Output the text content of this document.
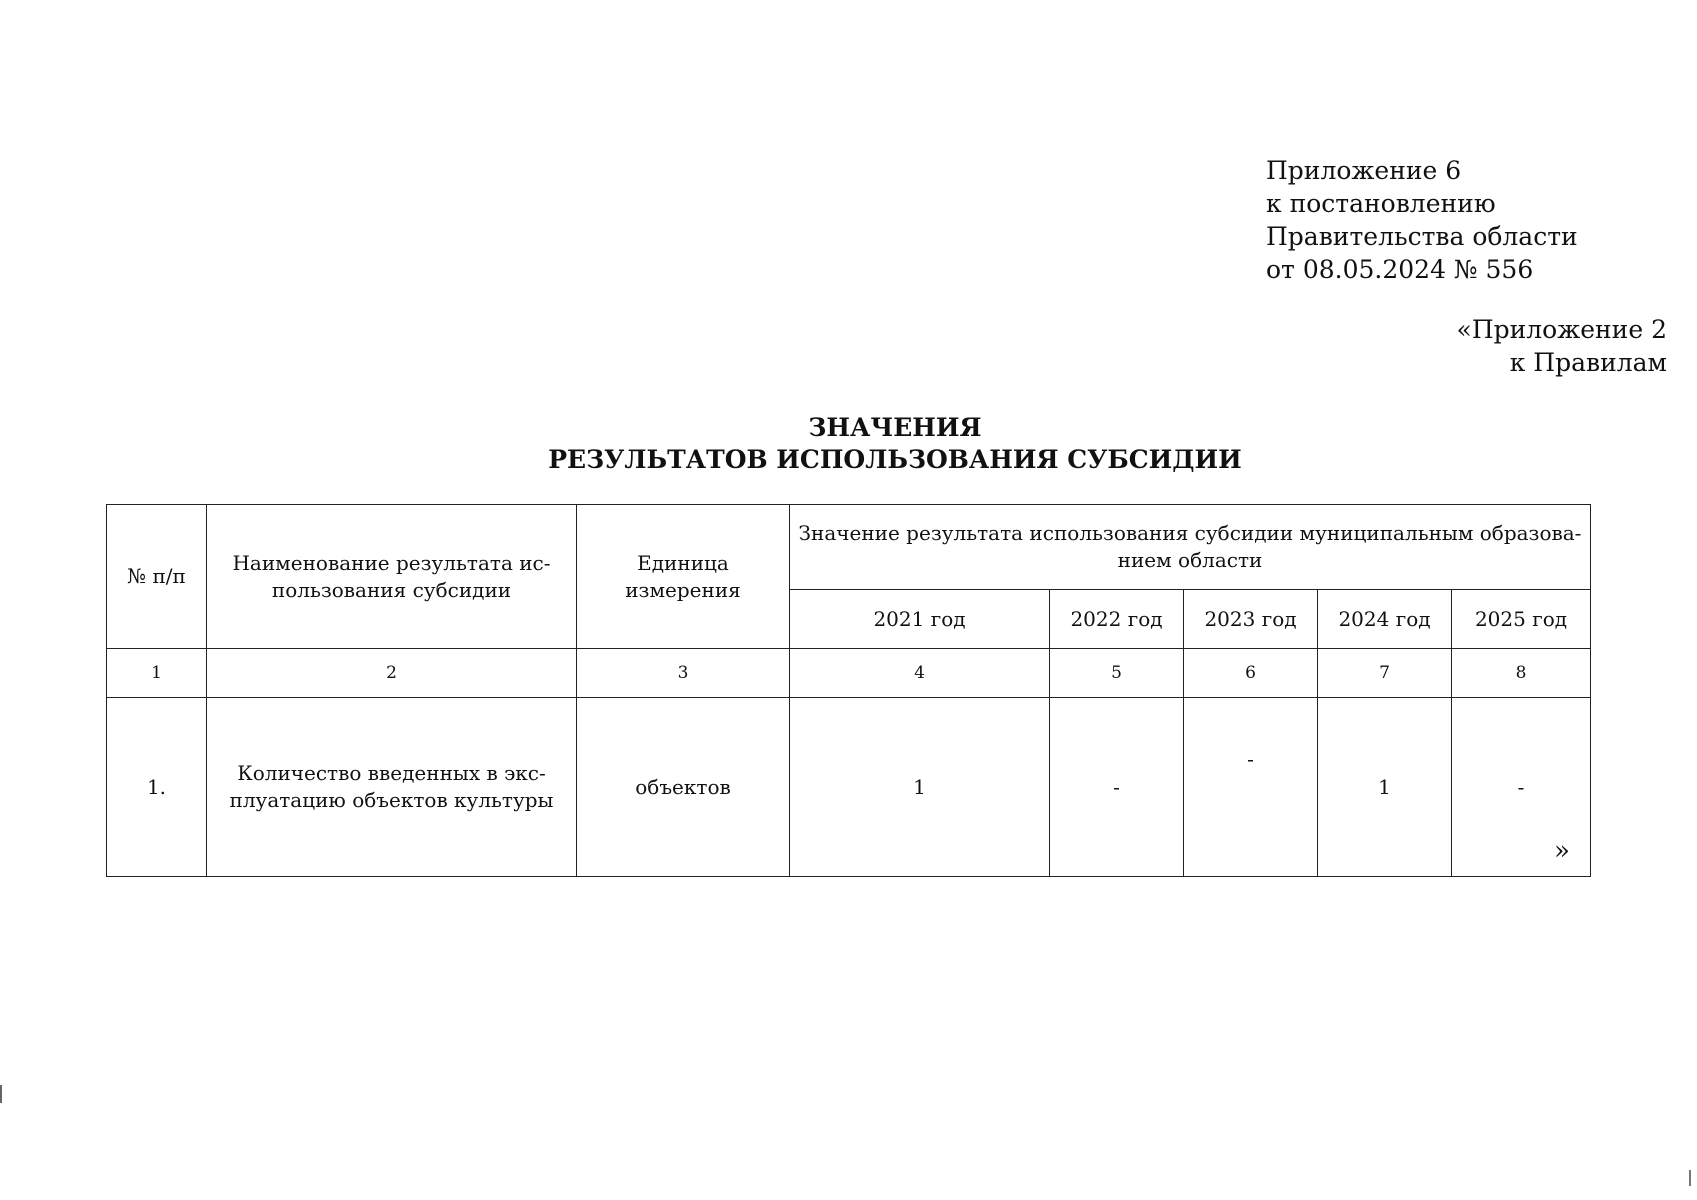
Приложение 6
к постановлению
Правительства области
от 08.05.2024 № 556
«Приложение 2
к Правилам
ЗНАЧЕНИЯ
РЕЗУЛЬТАТОВ ИСПОЛЬЗОВАНИЯ СУБСИДИИ
№ п/п	Наименование результата ис-пользования субсидии	Единица измерения	Значение результата использования субсидии муниципальным образова-нием области				
			2021 год	2022 год	2023 год	2024 год	2025 год
1	2	3	4	5	6	7	8
1.	Количество введенных в экс-плуатацию объектов культуры	объектов	1	-	-	1	-
»
